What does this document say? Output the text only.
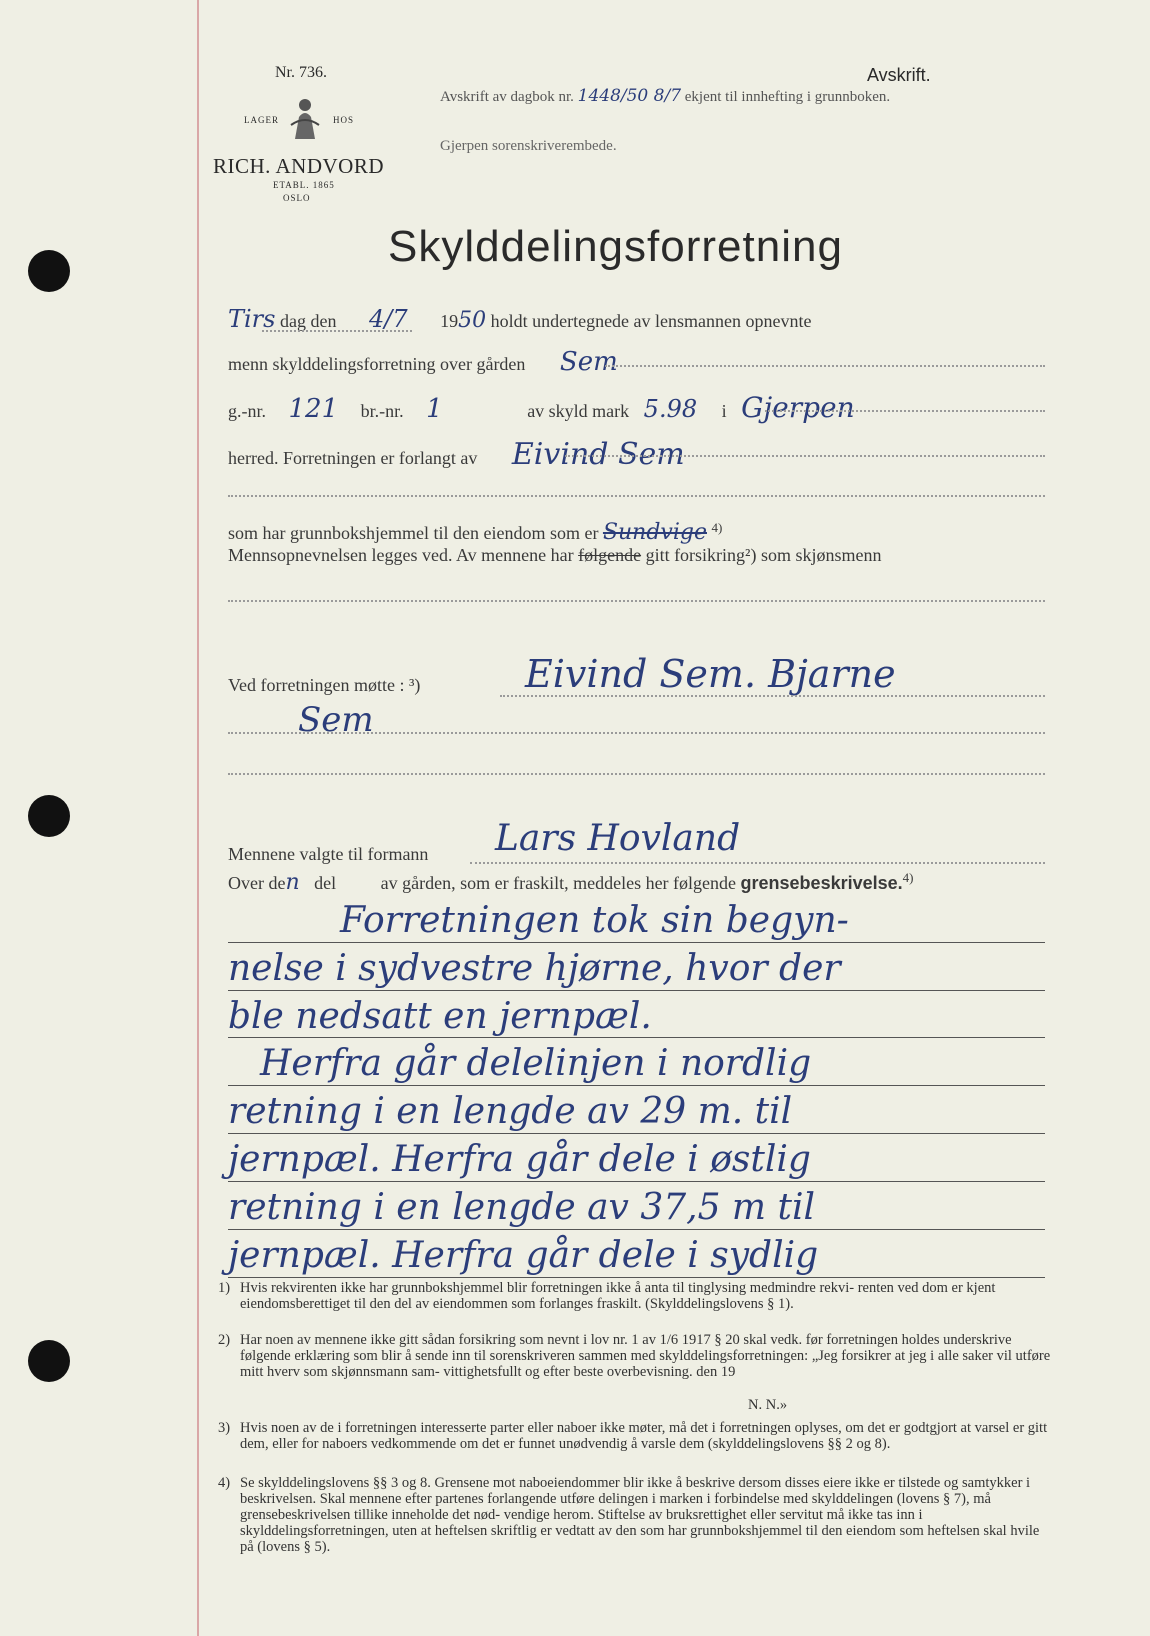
Nr. 736.
LAGER	HOS
RICH. ANDVORD
ETABL. 1865
OSLO
Avskrift av dagbok nr. 1448/50 8/7 ekjent til innhefting i grunnboken.
Gjerpen sorenskriverembede.
Avskrift.
Skylddelingsforretning
Tirs dag den 4/7 1950 holdt undertegnede av lensmannen opnevnte
menn skylddelingsforretning over gården Sem
g.-nr. 121 br.-nr. 1	av skyld mark 5.98 i Gjerpen
herred. Forretningen er forlangt av Eivind Sem
som har grunnbokshjemmel til den eiendom som er Sundvige $^{4)}$
Mennsopnevnelsen legges ved. Av mennene har følgende gitt forsikring²) som skjønsmenn
Ved forretningen møtte : ³)	Eivind Sem. Bjarne
Sem
Mennene valgte til formann Lars Hovland
Over den del av gården, som er fraskilt, meddeles her følgende grensebeskrivelse.$^{4)}$
Forretningen tok sin begyn-
nelse i sydvestre hjørne, hvor der
ble nedsatt en jernpæl.
Herfra går delelinjen i nordlig
retning i en lengde av 29 m. til
jernpæl. Herfra går dele i østlig
retning i en lengde av 37,5 m til
jernpæl. Herfra går dele i sydlig
1) Hvis rekvirenten ikke har grunnbokshjemmel blir forretningen ikke å anta til tinglysing medmindre rekvi- renten ved dom er kjent eiendomsberettiget til den del av eiendommen som forlanges fraskilt. (Skylddelingslovens § 1).
2) Har noen av mennene ikke gitt sådan forsikring som nevnt i lov nr. 1 av 1/6 1917 § 20 skal vedk. før forretningen holdes underskrive følgende erklæring som blir å sende inn til sorenskriveren sammen med skylddelingsforretningen: „Jeg forsikrer at jeg i alle saker vil utføre mitt hverv som skjønnsmann sam- vittighetsfullt og efter beste overbevisning. den 19
N. N.»
3) Hvis noen av de i forretningen interesserte parter eller naboer ikke møter, må det i forretningen oplyses, om det er godtgjort at varsel er gitt dem, eller for naboers vedkommende om det er funnet unødvendig å varsle dem (skylddelingslovens §§ 2 og 8).
4) Se skylddelingslovens §§ 3 og 8. Grensene mot naboeiendommer blir ikke å beskrive dersom disses eiere ikke er tilstede og samtykker i beskrivelsen. Skal mennene efter partenes forlangende utføre delingen i marken i forbindelse med skylddelingen (lovens § 7), må grensebeskrivelsen tillike inneholde det nød- vendige herom. Stiftelse av bruksrettighet eller servitut må ikke tas inn i skylddelingsforretningen, uten at heftelsen skriftlig er vedtatt av den som har grunnbokshjemmel til den eiendom som heftelsen skal hvile på (lovens § 5).
